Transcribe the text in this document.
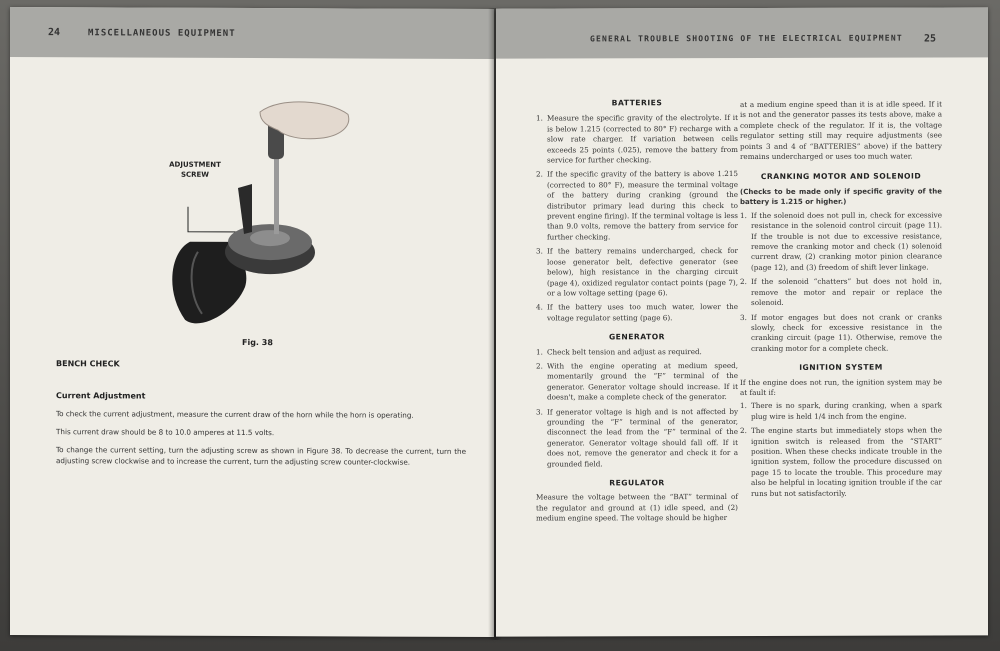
24	MISCELLANEOUS EQUIPMENT
ADJUSTMENT
SCREW
Fig. 38
BENCH CHECK
Current Adjustment

To check the current adjustment, measure the current draw of the horn while the horn is operating.

This current draw should be 8 to 10.0 amperes at 11.5 volts.

To change the current setting, turn the adjusting screw as shown in Figure 38. To decrease the current, turn the adjusting screw clockwise and to increase the current, turn the adjusting screw counter-clockwise.

GENERAL TROUBLE SHOOTING OF THE ELECTRICAL EQUIPMENT 25
BATTERIES
1. Measure the specific gravity of the electrolyte. If it is below 1.215 (corrected to 80° F) recharge with a slow rate charger. If variation between cells exceeds 25 points (.025), remove the battery from service for further checking.
2. If the specific gravity of the battery is above 1.215 (corrected to 80° F), measure the terminal voltage of the battery during cranking (ground the distributor primary lead during this check to prevent engine firing). If the terminal voltage is less than 9.0 volts, remove the battery from service for further checking.
3. If the battery remains undercharged, check for loose generator belt, defective generator (see below), high resistance in the charging circuit (page 4), oxidized regulator contact points (page 7), or a low voltage setting (page 6).
4. If the battery uses too much water, lower the voltage regulator setting (page 6).
GENERATOR
1. Check belt tension and adjust as required.
2. With the engine operating at medium speed, momentarily ground the “F” terminal of the generator. Generator voltage should increase. If it doesn't, make a complete check of the generator.
3. If generator voltage is high and is not affected by grounding the “F” terminal of the generator, disconnect the lead from the “F” terminal of the generator. Generator voltage should fall off. If it does not, remove the generator and check it for a grounded field.
REGULATOR

Measure the voltage between the “BAT” terminal of the regulator and ground at (1) idle speed, and (2) medium engine speed. The voltage should be higher

at a medium engine speed than it is at idle speed. If it is not and the generator passes its tests above, make a complete check of the regulator. If it is, the voltage regulator setting still may require adjustments (see points 3 and 4 of “BATTERIES” above) if the battery remains undercharged or uses too much water.

CRANKING MOTOR AND SOLENOID

(Checks to be made only if specific gravity of the battery is 1.215 or higher.)

1. If the solenoid does not pull in, check for excessive resistance in the solenoid control circuit (page 11). If the trouble is not due to excessive resistance, remove the cranking motor and check (1) solenoid current draw, (2) cranking motor pinion clearance (page 12), and (3) freedom of shift lever linkage.
2. If the solenoid “chatters” but does not hold in, remove the motor and repair or replace the solenoid.
3. If motor engages but does not crank or cranks slowly, check for excessive resistance in the cranking circuit (page 11). Otherwise, remove the cranking motor for a complete check.
IGNITION SYSTEM

If the engine does not run, the ignition system may be at fault if:

1. There is no spark, during cranking, when a spark plug wire is held 1/4 inch from the engine.
2. The engine starts but immediately stops when the ignition switch is released from the “START” position. When these checks indicate trouble in the ignition system, follow the procedure discussed on page 15 to locate the trouble. This procedure may also be helpful in locating ignition trouble if the car runs but not satisfactorily.
